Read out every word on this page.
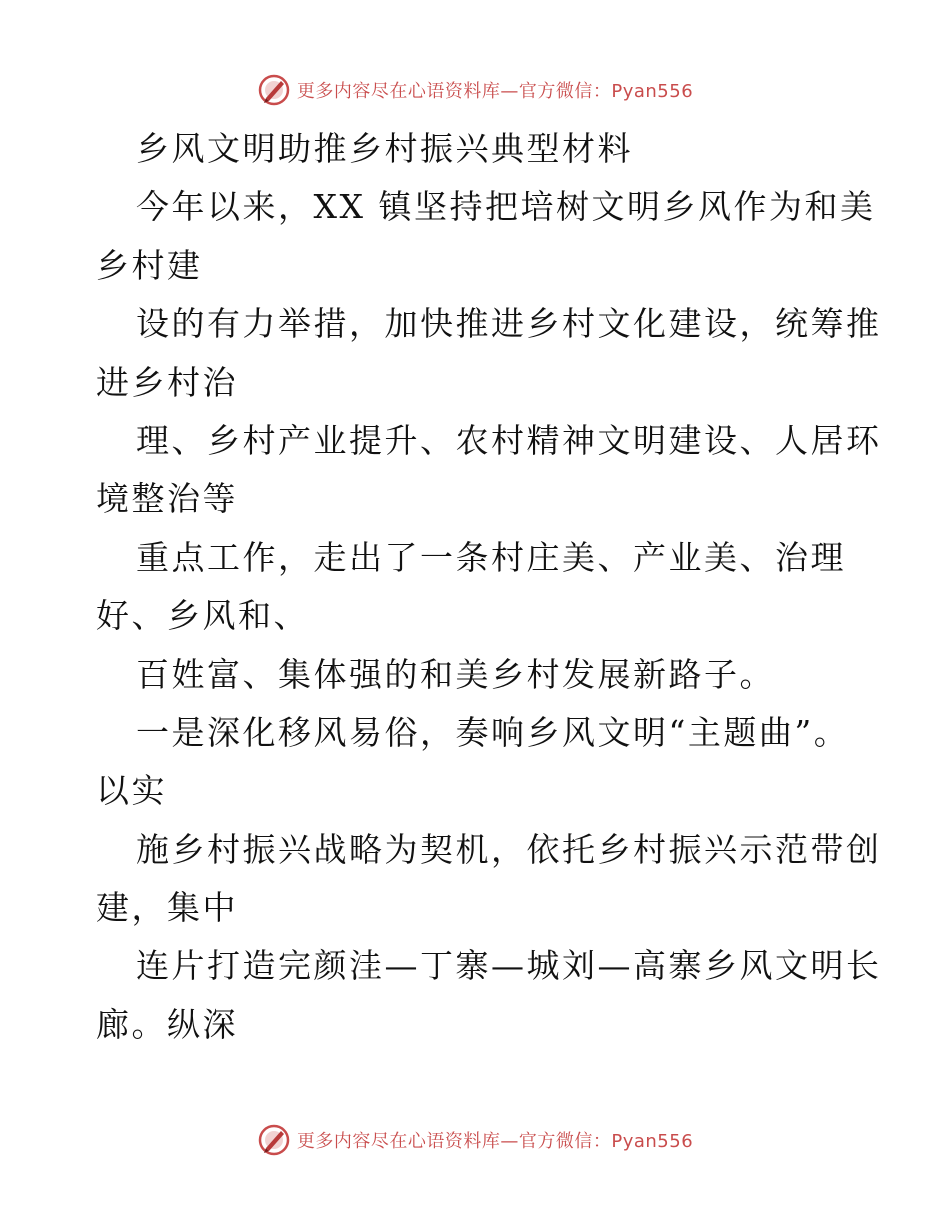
更多内容尽在心语资料库—官方微信：Pyan556
乡风文明助推乡村振兴典型材料
今年以来，XX 镇坚持把培树文明乡风作为和美
乡村建
设的有力举措，加快推进乡村文化建设，统筹推
进乡村治
理、乡村产业提升、农村精神文明建设、人居环
境整治等
重点工作，走出了一条村庄美、产业美、治理
好、乡风和、
百姓富、集体强的和美乡村发展新路子。
一是深化移风易俗，奏响乡风文明“主题曲”。
以实
施乡村振兴战略为契机，依托乡村振兴示范带创
建，集中
连片打造完颜洼—丁寨—城刘—高寨乡风文明长
廊。纵深
更多内容尽在心语资料库—官方微信：Pyan556
